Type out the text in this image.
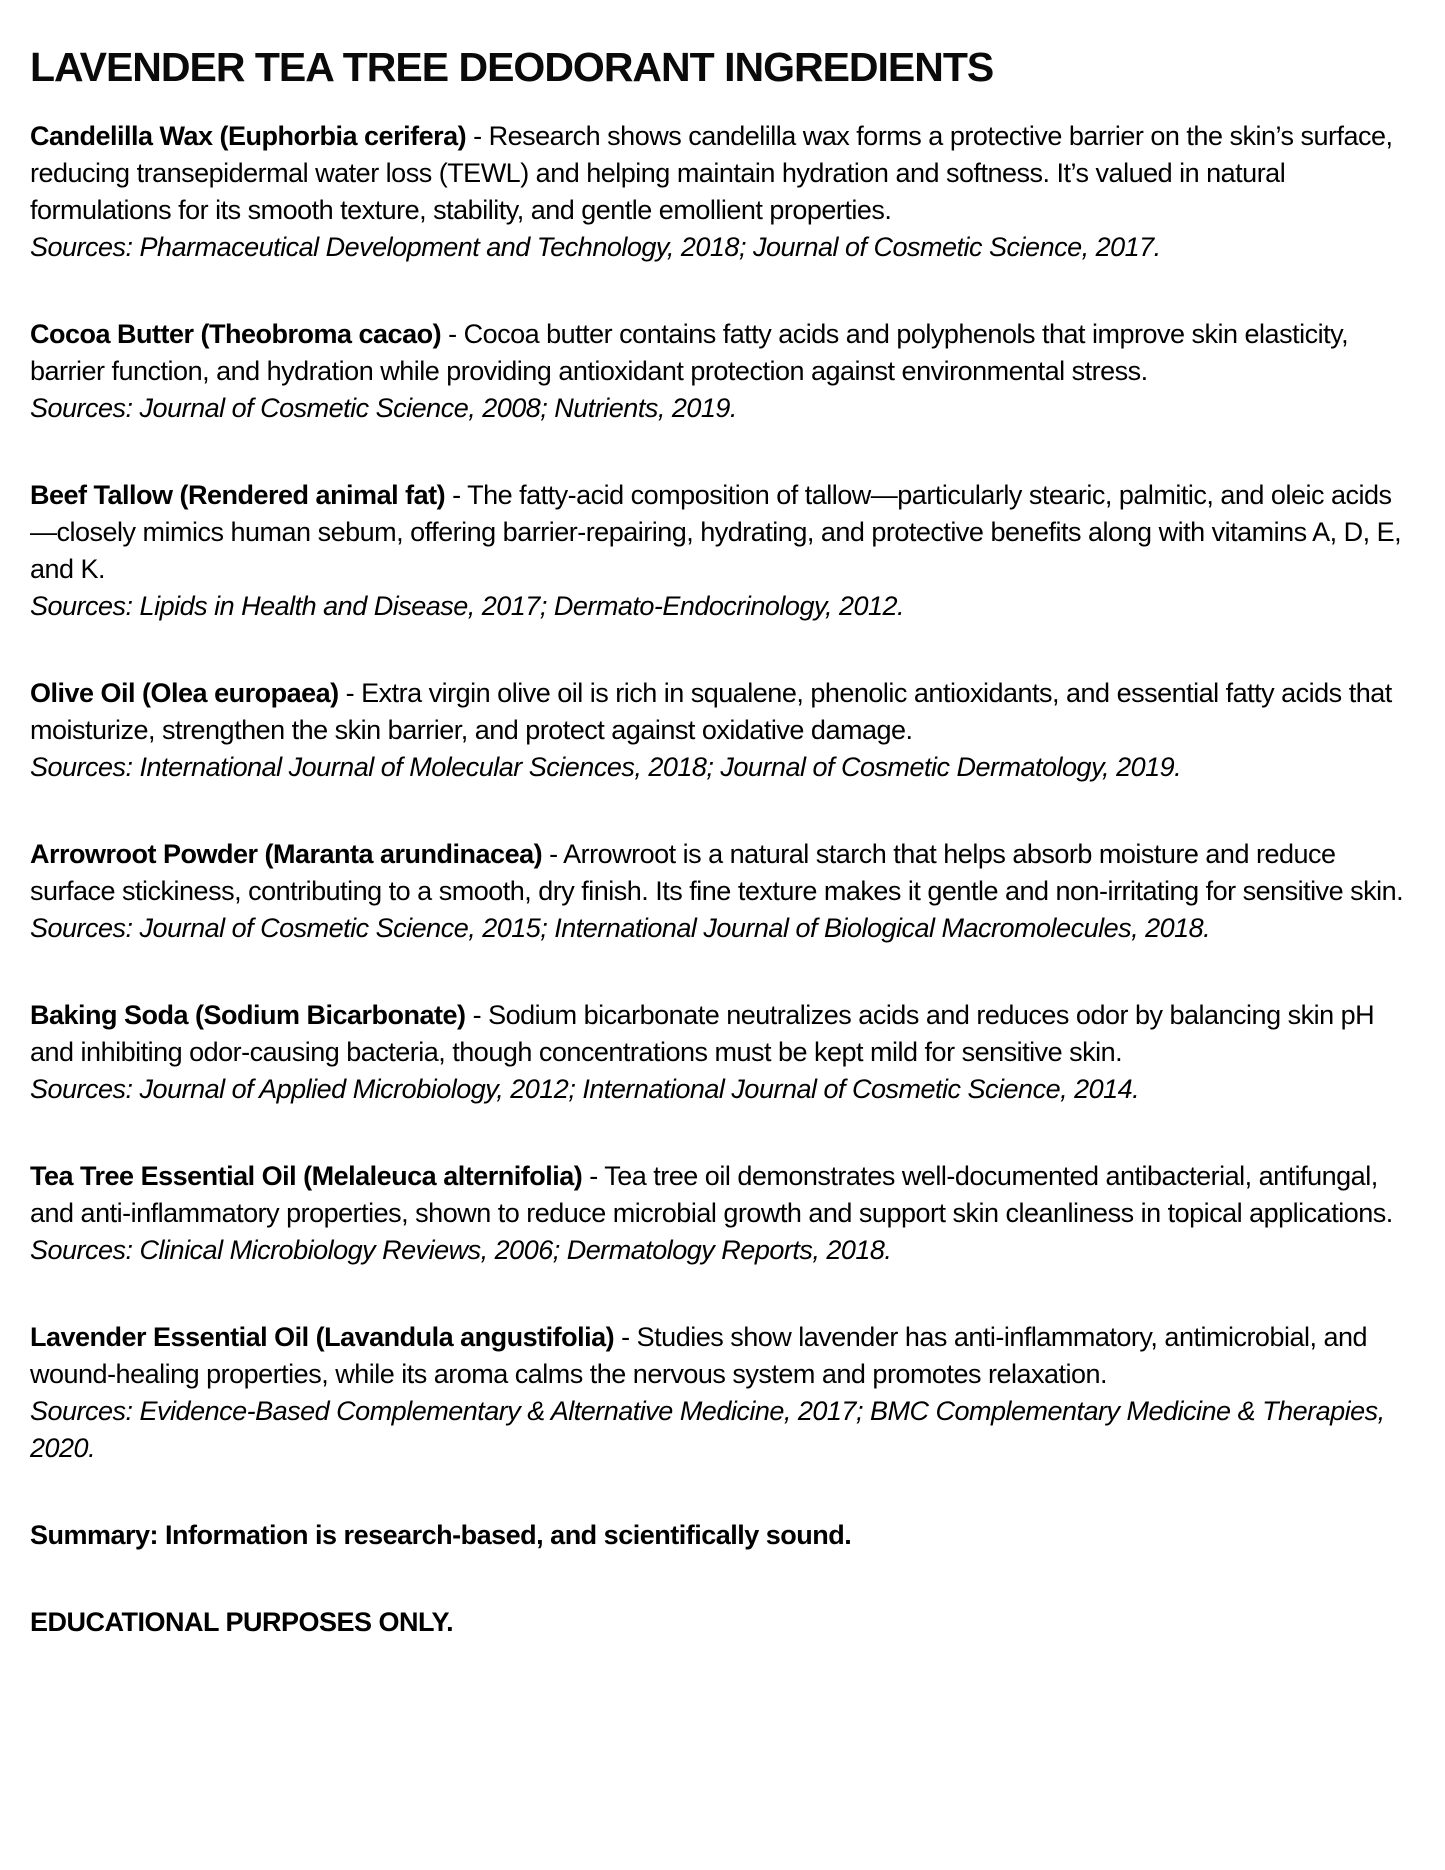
LAVENDER TEA TREE DEODORANT INGREDIENTS

Candelilla Wax (Euphorbia cerifera) - Research shows candelilla wax forms a protective barrier on the skin’s surface, reducing transepidermal water loss (TEWL) and helping maintain hydration and softness. It’s valued in natural formulations for its smooth texture, stability, and gentle emollient properties.

Sources: Pharmaceutical Development and Technology, 2018; Journal of Cosmetic Science, 2017.

Cocoa Butter (Theobroma cacao) - Cocoa butter contains fatty acids and polyphenols that improve skin elasticity, barrier function, and hydration while providing antioxidant protection against environmental stress.

Sources: Journal of Cosmetic Science, 2008; Nutrients, 2019.

Beef Tallow (Rendered animal fat) - The fatty-acid composition of tallow—particularly stearic, palmitic, and oleic acids—closely mimics human sebum, offering barrier-repairing, hydrating, and protective benefits along with vitamins A, D, E, and K.

Sources: Lipids in Health and Disease, 2017; Dermato-Endocrinology, 2012.

Olive Oil (Olea europaea) - Extra virgin olive oil is rich in squalene, phenolic antioxidants, and essential fatty acids that moisturize, strengthen the skin barrier, and protect against oxidative damage.

Sources: International Journal of Molecular Sciences, 2018; Journal of Cosmetic Dermatology, 2019.

Arrowroot Powder (Maranta arundinacea) - Arrowroot is a natural starch that helps absorb moisture and reduce surface stickiness, contributing to a smooth, dry finish. Its fine texture makes it gentle and non-irritating for sensitive skin.

Sources: Journal of Cosmetic Science, 2015; International Journal of Biological Macromolecules, 2018.

Baking Soda (Sodium Bicarbonate) - Sodium bicarbonate neutralizes acids and reduces odor by balancing skin pH and inhibiting odor-causing bacteria, though concentrations must be kept mild for sensitive skin.

Sources: Journal of Applied Microbiology, 2012; International Journal of Cosmetic Science, 2014.

Tea Tree Essential Oil (Melaleuca alternifolia) - Tea tree oil demonstrates well-documented antibacterial, antifungal, and anti-inflammatory properties, shown to reduce microbial growth and support skin cleanliness in topical applications.

Sources: Clinical Microbiology Reviews, 2006; Dermatology Reports, 2018.

Lavender Essential Oil (Lavandula angustifolia) - Studies show lavender has anti-inflammatory, antimicrobial, and wound-healing properties, while its aroma calms the nervous system and promotes relaxation.

Sources: Evidence-Based Complementary & Alternative Medicine, 2017; BMC Complementary Medicine & Therapies, 2020.

Summary: Information is research-based, and scientifically sound.

EDUCATIONAL PURPOSES ONLY.
